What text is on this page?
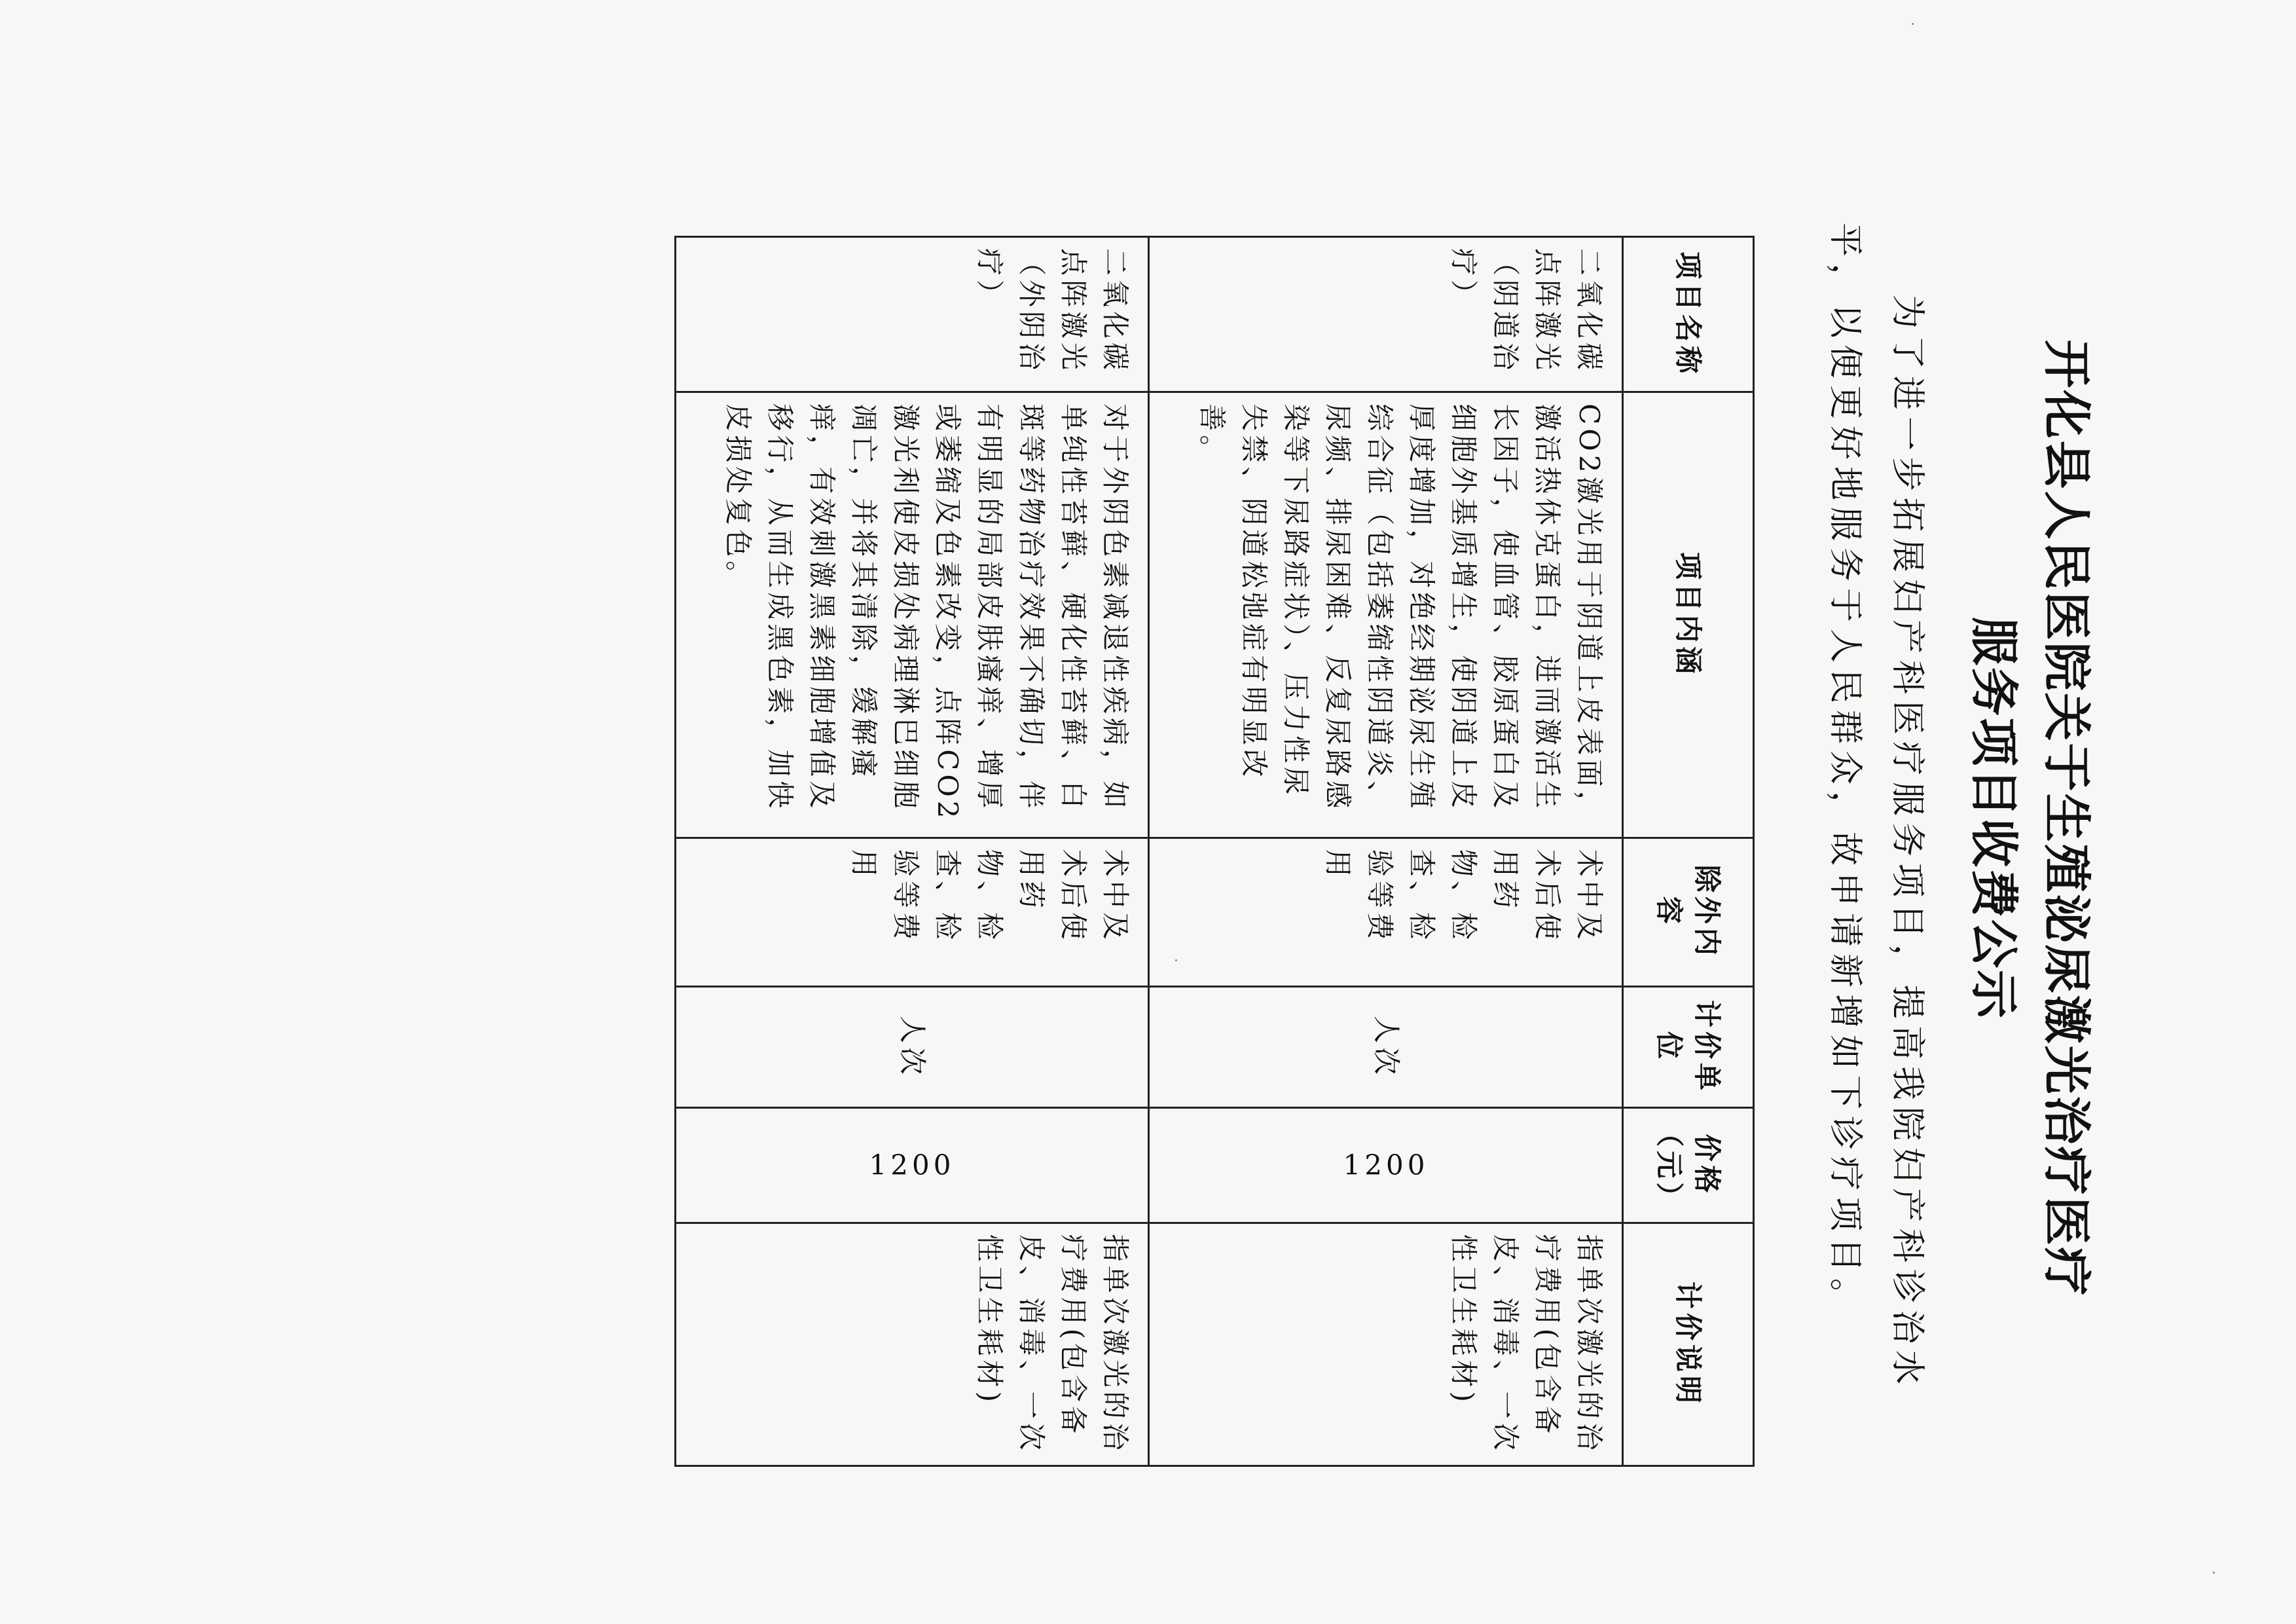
开化县人民医院关于生殖泌尿激光治疗医疗
服务项目收费公示

为了进一步拓展妇产科医疗服务项目，提高我院妇产科诊治水平，以便更好地服务于人民群众，故申请新增如下诊疗项目。

项目名称	项目内涵	除外内容	计价单位	价格（元）	计价说明
二氧化碳点阵激光（阴道治疗）	CO2激光用于阴道上皮表面，激活热休克蛋白，进而激活生长因子，使血管、胶原蛋白及细胞外基质增生，使阴道上皮厚度增加，对绝经期泌尿生殖综合征（包括萎缩性阴道炎、尿频、排尿困难、反复尿路感染等下尿路症状）、压力性尿失禁、阴道松弛症有明显改善。	术中及术后使用药物、检查、检验等费用	人次	1200	指单次激光的治疗费用(包含备皮、消毒、一次性卫生耗材)
二氧化碳点阵激光（外阴治疗）	对于外阴色素减退性疾病，如单纯性苔藓、硬化性苔藓、白斑等药物治疗效果不确切，伴有明显的局部皮肤瘙痒、增厚或萎缩及色素改变，点阵CO2激光利使皮损处病理淋巴细胞凋亡，并将其清除，缓解瘙痒，有效刺激黑素细胞增值及移行，从而生成黑色素，加快皮损处复色。	术中及术后使用药物、检查、检验等费用	人次	1200	指单次激光的治疗费用(包含备皮、消毒、一次性卫生耗材)
